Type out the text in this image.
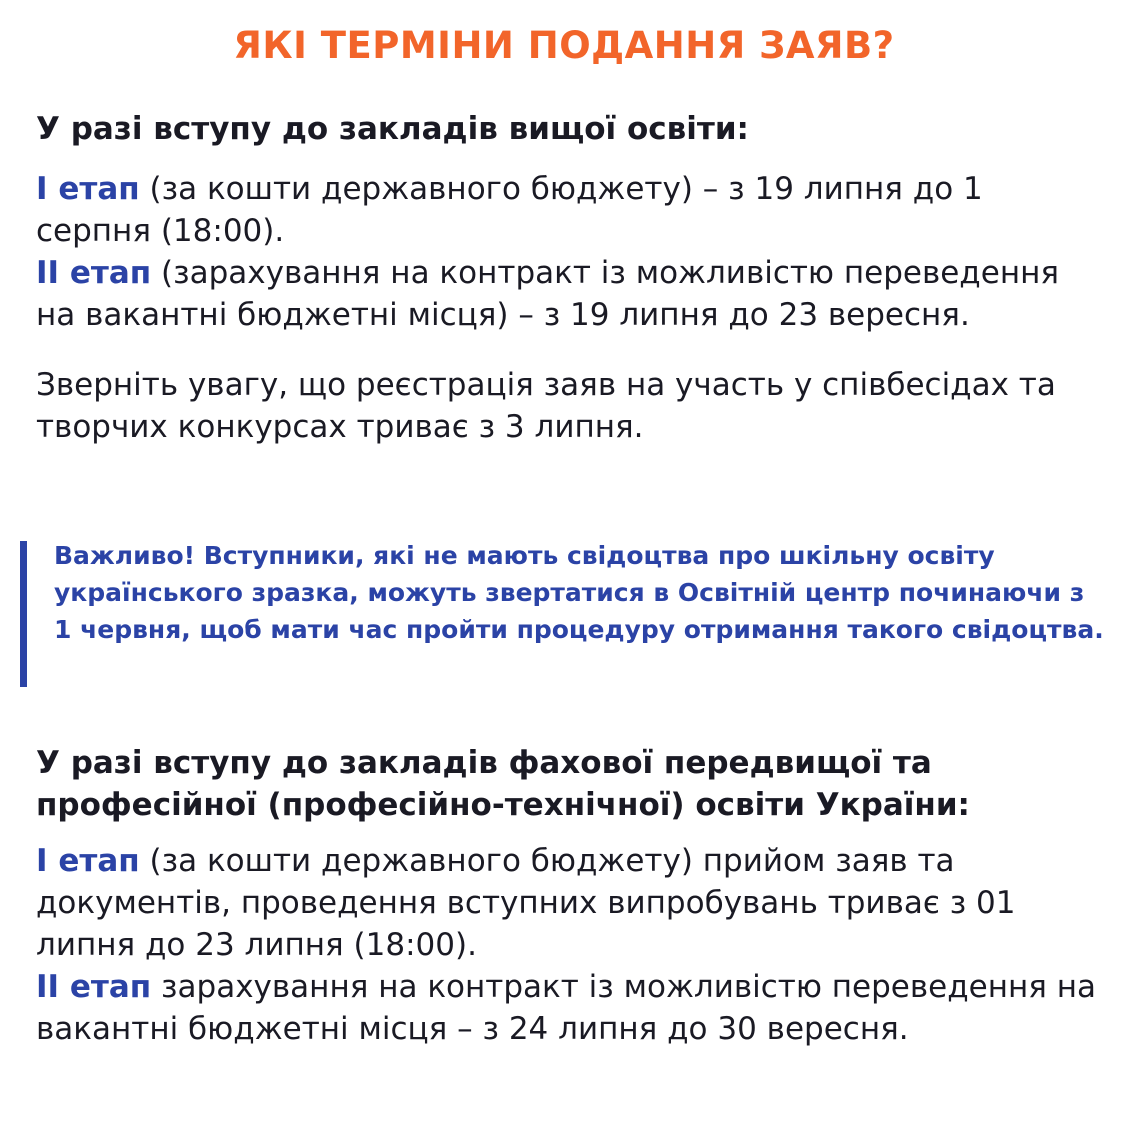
ЯКІ ТЕРМІНИ ПОДАННЯ ЗАЯВ?
У разі вступу до закладів вищої освіти:
I етап (за кошти державного бюджету) – з 19 липня до 1 серпня (18:00).
II етап (зарахування на контракт із можливістю переведення на вакантні бюджетні місця) – з 19 липня до 23 вересня.
Зверніть увагу, що реєстрація заяв на участь у співбесідах та творчих конкурсах триває з 3 липня.
Важливо! Вступники, які не мають свідоцтва про шкільну освіту українського зразка, можуть звертатися в Освітній центр починаючи з 1 червня, щоб мати час пройти процедуру отримання такого свідоцтва.
У разі вступу до закладів фахової передвищої та професійної (професійно-технічної) освіти України:
I етап (за кошти державного бюджету) прийом заяв та документів, проведення вступних випробувань триває з 01 липня до 23 липня (18:00).
II етап зарахування на контракт із можливістю переведення на вакантні бюджетні місця – з 24 липня до 30 вересня.
